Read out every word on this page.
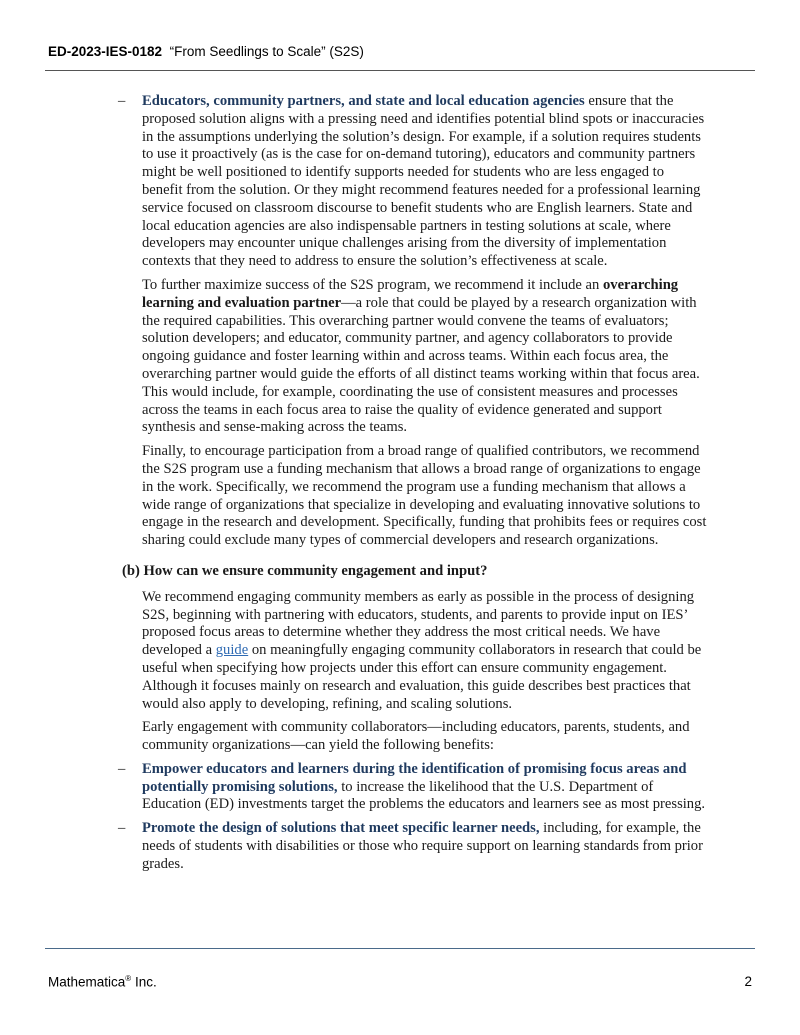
ED-2023-IES-0182 “From Seedlings to Scale” (S2S)
– Educators, community partners, and state and local education agencies ensure that the proposed solution aligns with a pressing need and identifies potential blind spots or inaccuracies in the assumptions underlying the solution’s design. For example, if a solution requires students to use it proactively (as is the case for on-demand tutoring), educators and community partners might be well positioned to identify supports needed for students who are less engaged to benefit from the solution. Or they might recommend features needed for a professional learning service focused on classroom discourse to benefit students who are English learners. State and local education agencies are also indispensable partners in testing solutions at scale, where developers may encounter unique challenges arising from the diversity of implementation contexts that they need to address to ensure the solution’s effectiveness at scale.

To further maximize success of the S2S program, we recommend it include an overarching learning and evaluation partner—a role that could be played by a research organization with the required capabilities. This overarching partner would convene the teams of evaluators; solution developers; and educator, community partner, and agency collaborators to provide ongoing guidance and foster learning within and across teams. Within each focus area, the overarching partner would guide the efforts of all distinct teams working within that focus area. This would include, for example, coordinating the use of consistent measures and processes across the teams in each focus area to raise the quality of evidence generated and support synthesis and sense-making across the teams.

Finally, to encourage participation from a broad range of qualified contributors, we recommend the S2S program use a funding mechanism that allows a broad range of organizations to engage in the work. Specifically, we recommend the program use a funding mechanism that allows a wide range of organizations that specialize in developing and evaluating innovative solutions to engage in the research and development. Specifically, funding that prohibits fees or requires cost sharing could exclude many types of commercial developers and research organizations.

(b) How can we ensure community engagement and input?

We recommend engaging community members as early as possible in the process of designing S2S, beginning with partnering with educators, students, and parents to provide input on IES’ proposed focus areas to determine whether they address the most critical needs. We have developed a guide on meaningfully engaging community collaborators in research that could be useful when specifying how projects under this effort can ensure community engagement. Although it focuses mainly on research and evaluation, this guide describes best practices that would also apply to developing, refining, and scaling solutions.

Early engagement with community collaborators—including educators, parents, students, and community organizations—can yield the following benefits:

– Empower educators and learners during the identification of promising focus areas and potentially promising solutions, to increase the likelihood that the U.S. Department of Education (ED) investments target the problems the educators and learners see as most pressing.
– Promote the design of solutions that meet specific learner needs, including, for example, the needs of students with disabilities or those who require support on learning standards from prior grades.
Mathematica® Inc.	2
